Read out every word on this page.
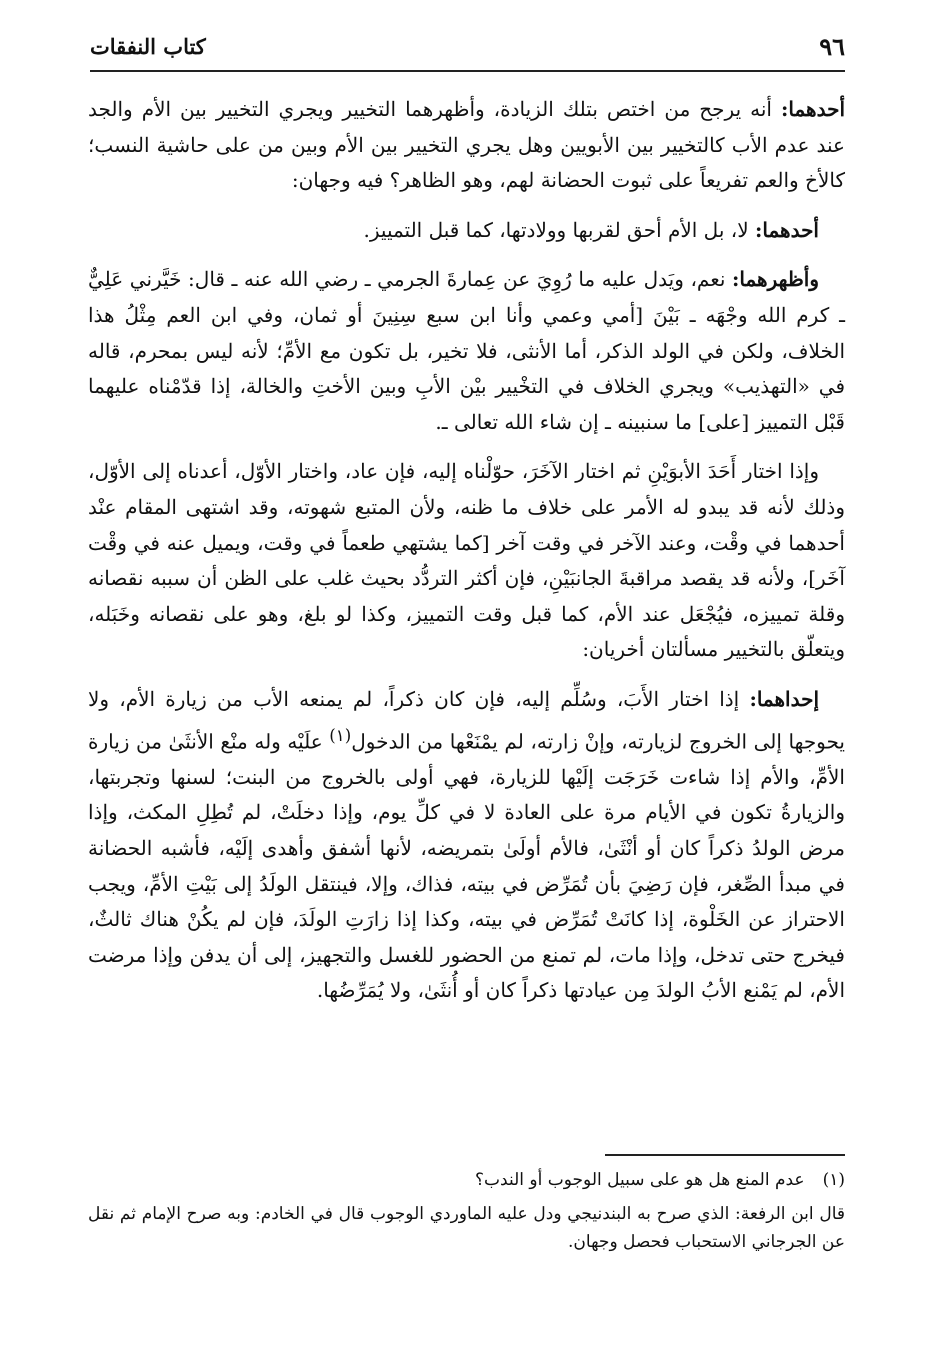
٩٦
كتاب النفقات

أحدهما: أنه يرجح من اختص بتلك الزيادة، وأظهرهما التخيير ويجري التخيير بين الأم والجد عند عدم الأب كالتخيير بين الأبويين وهل يجري التخيير بين الأم وبين من على حاشية النسب؛ كالأخ والعم تفريعاً على ثبوت الحضانة لهم، وهو الظاهر؟ فيه وجهان:

أحدهما: لا، بل الأم أحق لقربها وولادتها، كما قبل التمييز.

وأظهرهما: نعم، ويَدل عليه ما رُوِيَ عن عِمارةَ الجرمي ـ رضي الله عنه ـ قال: خَيَّرني عَلِيٌّ ـ كرم الله وجْهَه ـ بَيْنَ [أمي وعمي وأنا ابن سبع سِنِينَ أو ثمان، وفي ابن العم مِثْلُ هذا الخلاف، ولكن في الولد الذكر، أما الأنثى، فلا تخير، بل تكون مع الأمِّ؛ لأنه ليس بمحرم، قاله في «التهذيب» ويجري الخلاف في التخْيير بيْن الأبِ وبين الأختِ والخالة، إذا قدّمْناه عليهما قَبْل التمييز [على] ما سنبينه ـ إن شاء الله تعالى ـ.

وإذا اختار أَحَدَ الأبوَيْنِ ثم اختار الآخَرَ، حوّلْناه إليه، فإن عاد، واختار الأوّل، أعدناه إلى الأوّل، وذلك لأنه قد يبدو له الأمر على خلاف ما ظنه، ولأن المتبع شهوته، وقد اشتهى المقام عنْد أحدهما في وقْت، وعند الآخر في وقت آخر [كما يشتهي طعماً في وقت، ويميل عنه في وقْت آخَر]، ولأنه قد يقصد مراقبةَ الجانبَيْنِ، فإن أكثر التردُّد بحيث غلب على الظن أن سببه نقصانه وقلة تمييزه، فيُجْعَل عند الأم، كما قبل وقت التمييز، وكذا لو بلغ، وهو على نقصانه وخَبَله، ويتعلّق بالتخيير مسألتان أخريان:

إحداهما: إذا اختار الأَبَ، وسُلِّم إليه، فإن كان ذكراً، لم يمنعه الأب من زيارة الأم، ولا يحوجها إلى الخروج لزيارته، وإنْ زارته، لم يمْنَعْها من الدخول$^{(١)}$ علَيْه وله منْع الأنثَىٰ من زيارة الأمِّ، والأم إذا شاءت خَرَجَت إلَيْها للزيارة، فهي أولى بالخروج من البنت؛ لسنها وتجربتها، والزيارةُ تكون في الأيام مرة على العادة لا في كلِّ يوم، وإذا دخلَتْ، لم تُطِلِ المكث، وإذا مرض الولدُ ذكراً كان أو أنْثَىٰ، فالأم أولَىٰ بتمريضه، لأنها أشفق وأهدى إلَيْه، فأشبه الحضانة في مبدأ الصِّغر، فإن رَضِيَ بأن تُمَرِّض في بيته، فذاك، وإلا، فينتقل الولَدُ إلى بَيْتِ الأمِّ، ويجب الاحتراز عن الخَلْوة، إذا كانَتْ تُمَرِّض في بيته، وكذا إذا زارَتِ الولَدَ، فإن لم يكُنْ هناك ثالثٌ، فيخرج حتى تدخل، وإذا مات، لم تمنع من الحضور للغسل والتجهيز، إلى أن يدفن وإذا مرضت الأم، لم يَمْنع الأبُ الولدَ مِن عيادتها ذكراً كان أو أُنثَىٰ، ولا يُمَرِّضُها.

(١)عدم المنع هل هو على سبيل الوجوب أو الندب؟

قال ابن الرفعة: الذي صرح به البندنيجي ودل عليه الماوردي الوجوب قال في الخادم: وبه صرح الإمام ثم نقل عن الجرجاني الاستحباب فحصل وجهان.
